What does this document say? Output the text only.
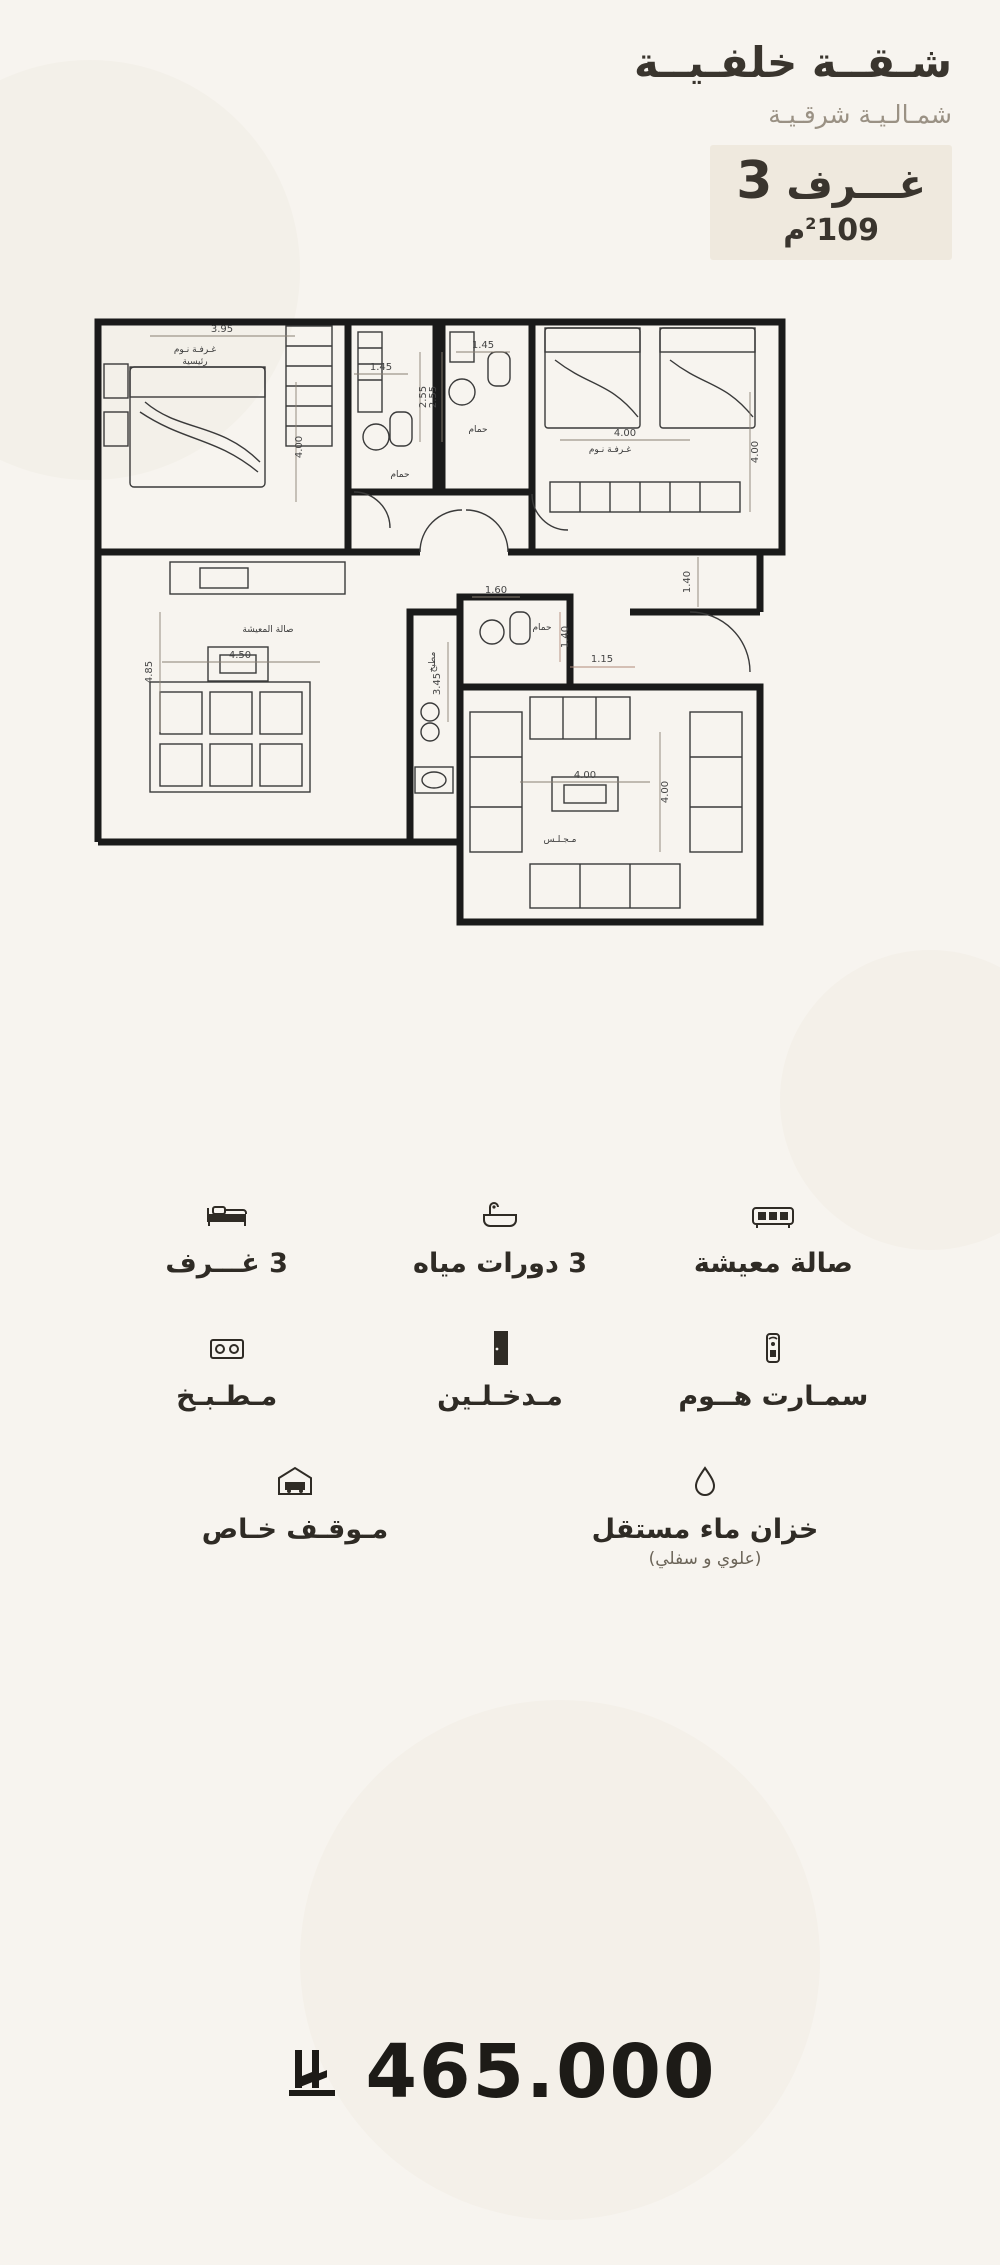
شـقــة خلفـيــة
شمـالـيـة شرقـيـة
غـــرف 3
$^2$109م
غـرفـة نـوم
رئيسية
3.95
4.00
حمام
1.45
2.55
حمام
1.45
2.55
غـرفـة نـوم
4.00
4.00
صالة المعيشة
4.50
4.85	مطبخ
3.45
حمام
1.60
1.40
1.15
1.40
مـجـلـس
4.00
4.00
صالة معيشة
3 دورات مياه
3 غـــرف
سمـارت هــوم
مـدخـلـين
مـطـبـخ
خزان ماء مستقل
(علوي و سفلي)
مـوقـف خـاص
465.000
